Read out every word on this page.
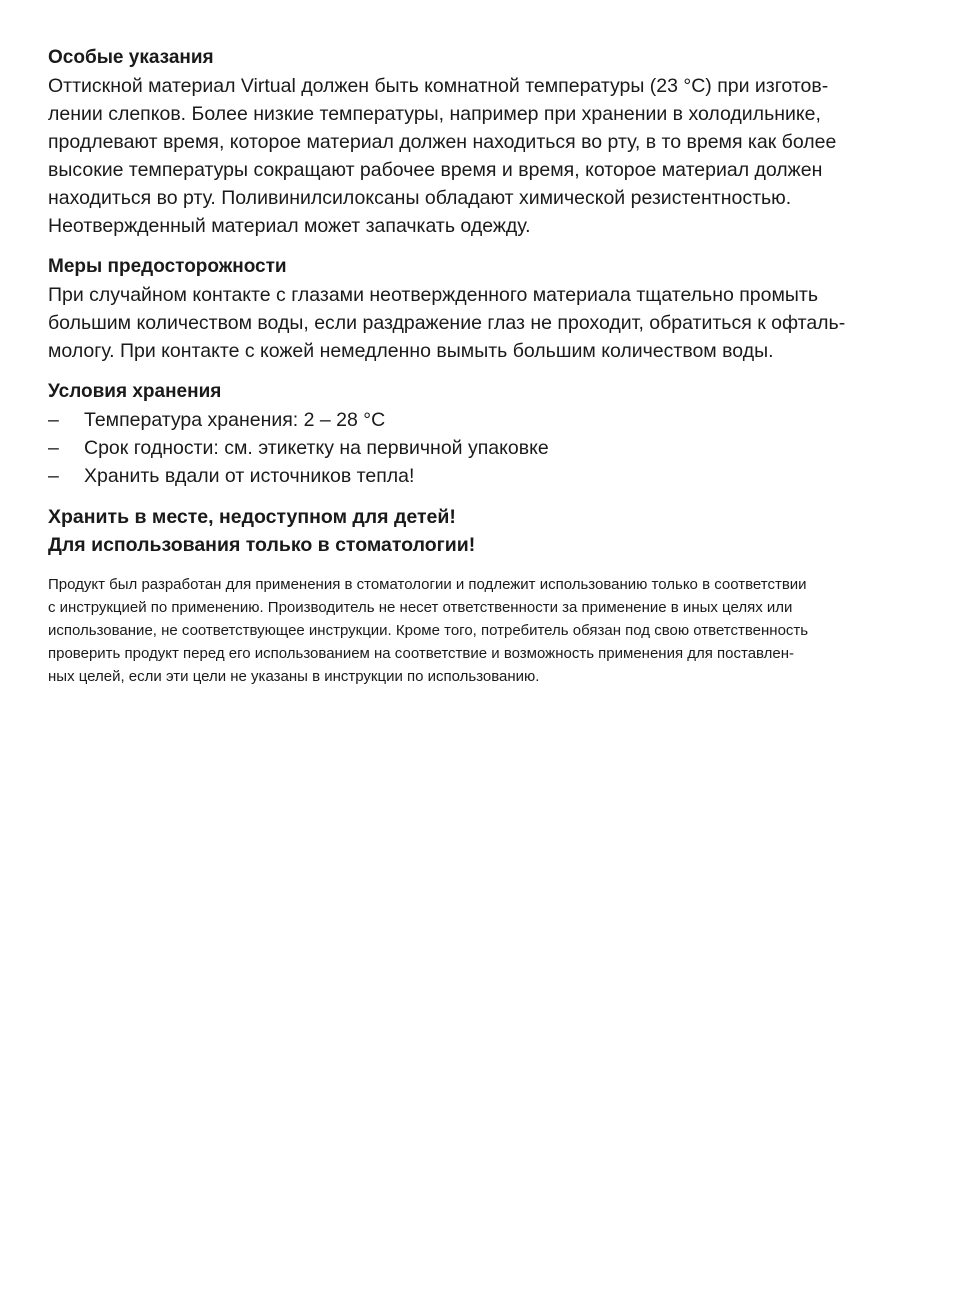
Особые указания

Оттискной материал Virtual должен быть комнатной температуры (23 °C) при изготов-
лении слепков. Более низкие температуры, например при хранении в холодильнике,
продлевают время, которое материал должен находиться во рту, в то время как более
высокие температуры сокращают рабочее время и время, которое материал должен
находиться во рту. Поливинилсилоксаны обладают химической резистентностью.
Неотвержденный материал может запачкать одежду.

Меры предосторожности

При случайном контакте с глазами неотвержденного материала тщательно промыть
большим количеством воды, если раздражение глаз не проходит, обратиться к офталь-
мологу. При контакте с кожей немедленно вымыть большим количеством воды.

Условия хранения

–	Температура хранения: 2 – 28 °C
–	Срок годности: см. этикетку на первичной упаковке
–	Хранить вдали от источников тепла!

Хранить в месте, недоступном для детей!

Для использования только в стоматологии!

Продукт был разработан для применения в стоматологии и подлежит использованию только в соответствии
с инструкцией по применению. Производитель не несет ответственности за применение в иных целях или
использование, не соответствующее инструкции. Кроме того, потребитель обязан под свою ответственность
проверить продукт перед его использованием на соответствие и возможность применения для поставлен-
ных целей, если эти цели не указаны в инструкции по использованию.
